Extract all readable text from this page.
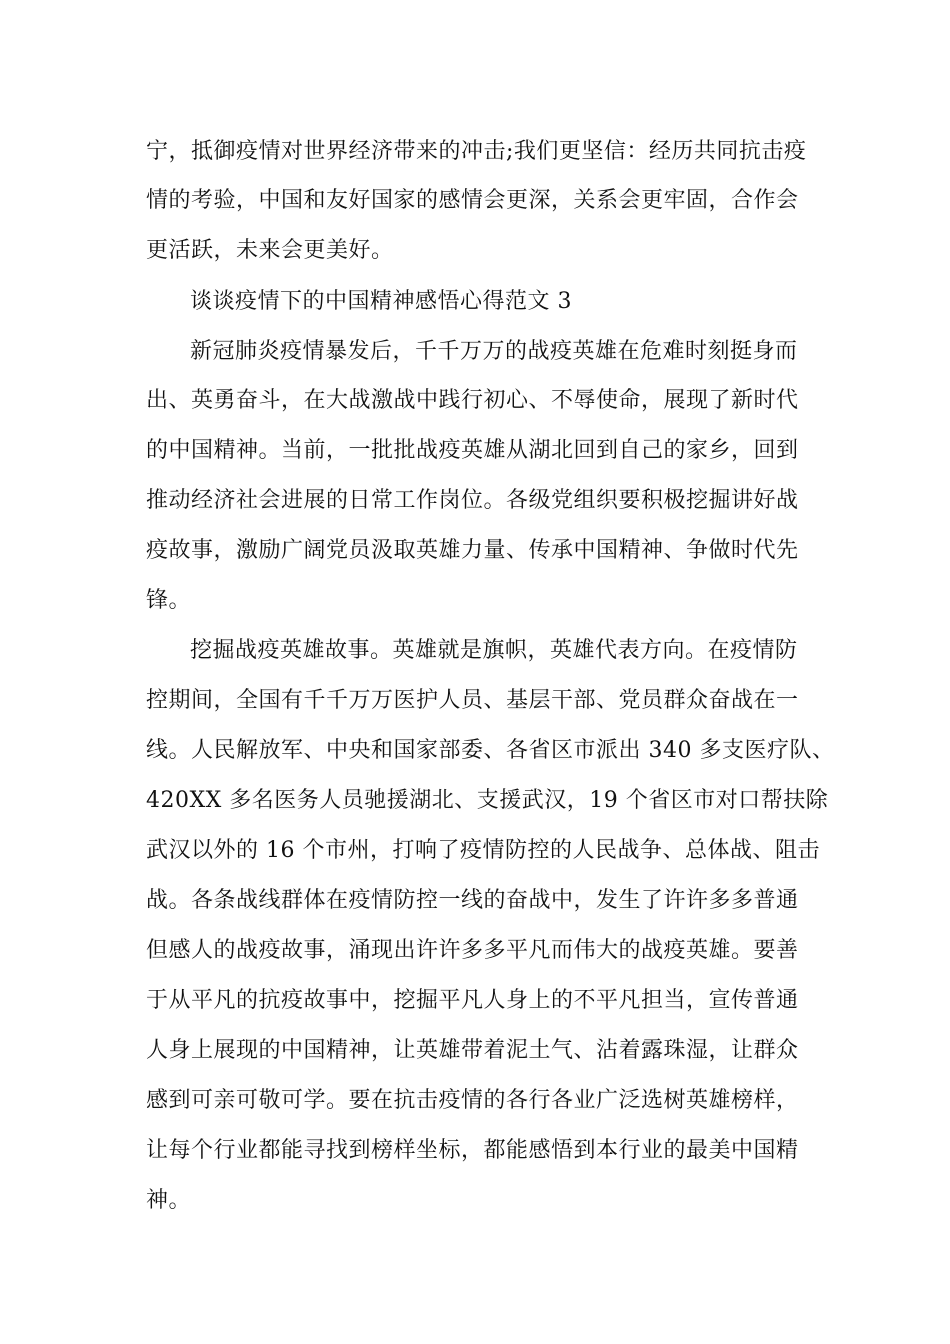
宁，抵御疫情对世界经济带来的冲击;我们更坚信：经历共同抗击疫
情的考验，中国和友好国家的感情会更深，关系会更牢固，合作会
更活跃，未来会更美好。
谈谈疫情下的中国精神感悟心得范文 3
新冠肺炎疫情暴发后，千千万万的战疫英雄在危难时刻挺身而
出、英勇奋斗，在大战激战中践行初心、不辱使命，展现了新时代
的中国精神。当前，一批批战疫英雄从湖北回到自己的家乡，回到
推动经济社会进展的日常工作岗位。各级党组织要积极挖掘讲好战
疫故事，激励广阔党员汲取英雄力量、传承中国精神、争做时代先
锋。
挖掘战疫英雄故事。英雄就是旗帜，英雄代表方向。在疫情防
控期间，全国有千千万万医护人员、基层干部、党员群众奋战在一
线。人民解放军、中央和国家部委、各省区市派出 340 多支医疗队、
420XX 多名医务人员驰援湖北、支援武汉，19 个省区市对口帮扶除
武汉以外的 16 个市州，打响了疫情防控的人民战争、总体战、阻击
战。各条战线群体在疫情防控一线的奋战中，发生了许许多多普通
但感人的战疫故事，涌现出许许多多平凡而伟大的战疫英雄。要善
于从平凡的抗疫故事中，挖掘平凡人身上的不平凡担当，宣传普通
人身上展现的中国精神，让英雄带着泥土气、沾着露珠湿，让群众
感到可亲可敬可学。要在抗击疫情的各行各业广泛选树英雄榜样，
让每个行业都能寻找到榜样坐标，都能感悟到本行业的最美中国精
神。
